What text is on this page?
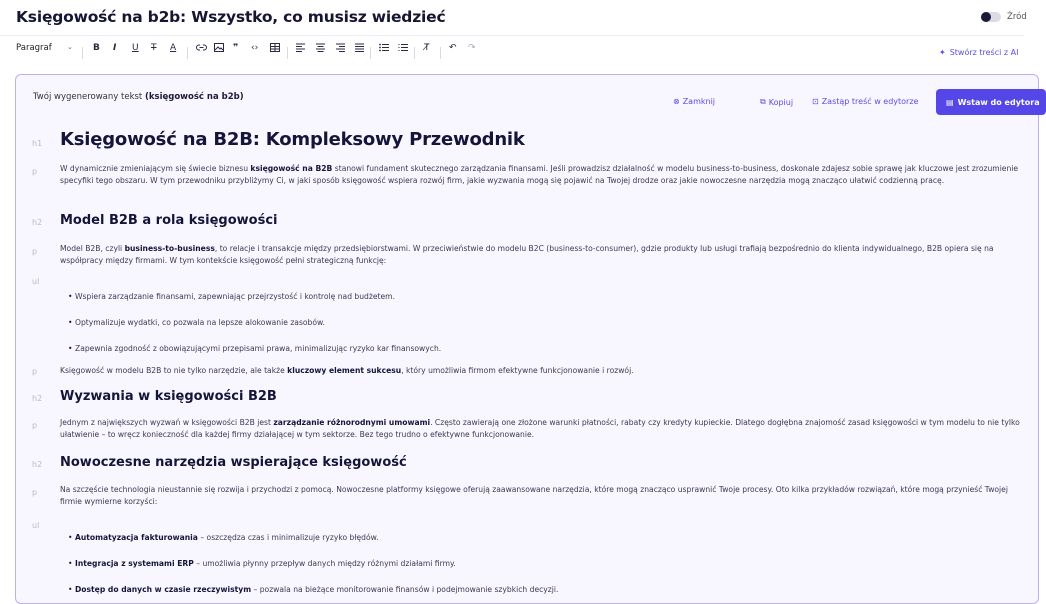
Księgowość na b2b: Wszystko, co musisz wiedzieć	Źród
Paragraf ⌄ B I U T A	❞ ‹›	T̸ ↶ ↷	✦ Stwórz treści z AI
Twój wygenerowany tekst (księgowość na b2b)	⊗ Zamknij	⧉ Kopiuj ⊡ Zastąp treść w edytorze	▤ Wstaw do edytora
h1 Księgowość na B2B: Kompleksowy Przewodnik
p	W dynamicznie zmieniającym się świecie biznesu księgowość na B2B stanowi fundament skutecznego zarządzania finansami. Jeśli prowadzisz działalność w modelu business-to-business, doskonale zdajesz sobie sprawę jak kluczowe jest zrozumienie specyfiki tego obszaru. W tym przewodniku przybliżymy Ci, w jaki sposób księgowość wspiera rozwój firm, jakie wyzwania mogą się pojawić na Twojej drodze oraz jakie nowoczesne narzędzia mogą znacząco ułatwić codzienną pracę.
h2 Model B2B a rola księgowości
p	Model B2B, czyli business-to-business, to relacje i transakcje między przedsiębiorstwami. W przeciwieństwie do modelu B2C (business-to-consumer), gdzie produkty lub usługi trafiają bezpośrednio do klienta indywidualnego, B2B opiera się na współpracy między firmami. W tym kontekście księgowość pełni strategiczną funkcję:
ul
• Wspiera zarządzanie finansami, zapewniając przejrzystość i kontrolę nad budżetem.
• Optymalizuje wydatki, co pozwala na lepsze alokowanie zasobów.
• Zapewnia zgodność z obowiązującymi przepisami prawa, minimalizując ryzyko kar finansowych.
p	Księgowość w modelu B2B to nie tylko narzędzie, ale także kluczowy element sukcesu, który umożliwia firmom efektywne funkcjonowanie i rozwój.
h2 Wyzwania w księgowości B2B
p	Jednym z największych wyzwań w księgowości B2B jest zarządzanie różnorodnymi umowami. Często zawierają one złożone warunki płatności, rabaty czy kredyty kupieckie. Dlatego dogłębna znajomość zasad księgowości w tym modelu to nie tylko ułatwienie – to wręcz konieczność dla każdej firmy działającej w tym sektorze. Bez tego trudno o efektywne funkcjonowanie.
h2 Nowoczesne narzędzia wspierające księgowość
p	Na szczęście technologia nieustannie się rozwija i przychodzi z pomocą. Nowoczesne platformy księgowe oferują zaawansowane narzędzia, które mogą znacząco usprawnić Twoje procesy. Oto kilka przykładów rozwiązań, które mogą przynieść Twojej firmie wymierne korzyści:
ul
• Automatyzacja fakturowania – oszczędza czas i minimalizuje ryzyko błędów.
• Integracja z systemami ERP – umożliwia płynny przepływ danych między różnymi działami firmy.
• Dostęp do danych w czasie rzeczywistym – pozwala na bieżące monitorowanie finansów i podejmowanie szybkich decyzji.
